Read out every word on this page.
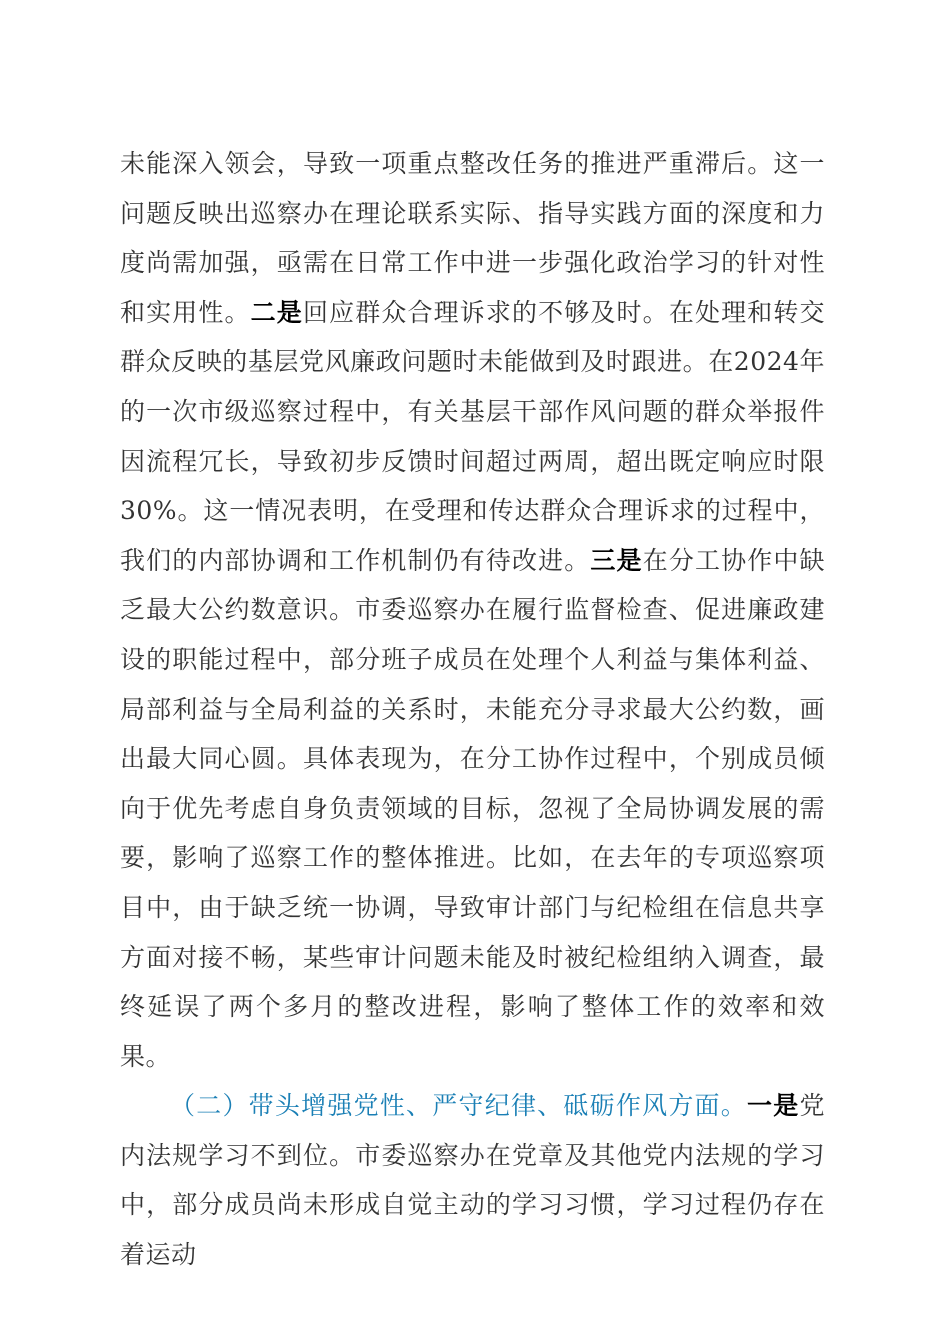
未能深入领会，导致一项重点整改任务的推进严重滞后。这一问题反映出巡察办在理论联系实际、指导实践方面的深度和力度尚需加强，亟需在日常工作中进一步强化政治学习的针对性和实用性。二是回应群众合理诉求的不够及时。在处理和转交群众反映的基层党风廉政问题时未能做到及时跟进。在2024年的一次市级巡察过程中，有关基层干部作风问题的群众举报件因流程冗长，导致初步反馈时间超过两周，超出既定响应时限30%。这一情况表明，在受理和传达群众合理诉求的过程中，我们的内部协调和工作机制仍有待改进。三是在分工协作中缺乏最大公约数意识。市委巡察办在履行监督检查、促进廉政建设的职能过程中，部分班子成员在处理个人利益与集体利益、局部利益与全局利益的关系时，未能充分寻求最大公约数，画出最大同心圆。具体表现为，在分工协作过程中，个别成员倾向于优先考虑自身负责领域的目标，忽视了全局协调发展的需要，影响了巡察工作的整体推进。比如，在去年的专项巡察项目中，由于缺乏统一协调，导致审计部门与纪检组在信息共享方面对接不畅，某些审计问题未能及时被纪检组纳入调查，最终延误了两个多月的整改进程，影响了整体工作的效率和效果。

（二）带头增强党性、严守纪律、砥砺作风方面。一是党内法规学习不到位。市委巡察办在党章及其他党内法规的学习中，部分成员尚未形成自觉主动的学习习惯，学习过程仍存在着运动
